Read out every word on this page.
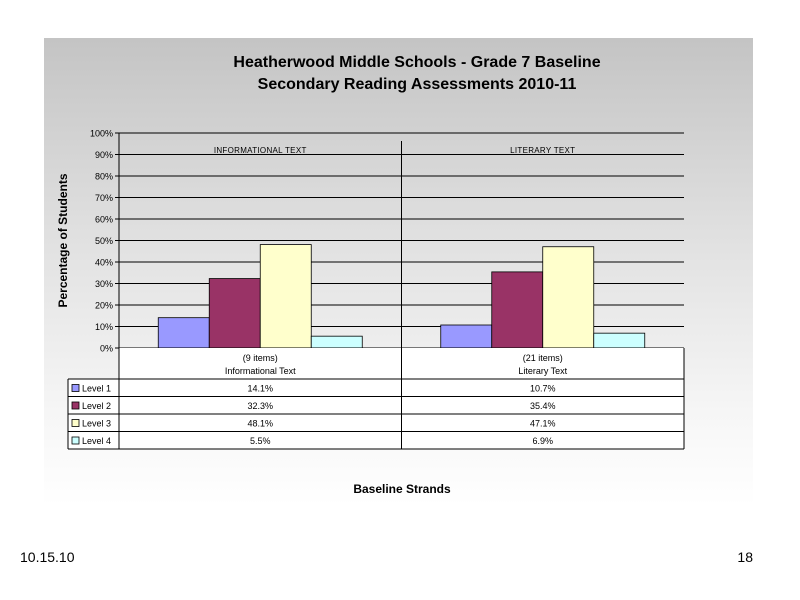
Heatherwood Middle Schools - Grade 7 Baseline
Secondary Reading Assessments 2010-11
Percentage of Students
0%
10%
20%
30%
40%
50%
60%
70%
80%
90%
100%
INFORMATIONAL TEXT	LITERARY TEXT
(9 items)
Informational Text
(21 items)
Literary Text
Level 1	14.1%	10.7%
Level 2	32.3%	35.4%
Level 3	48.1%	47.1%
Level 4	5.5%	6.9%
Baseline Strands
10.15.10	18
